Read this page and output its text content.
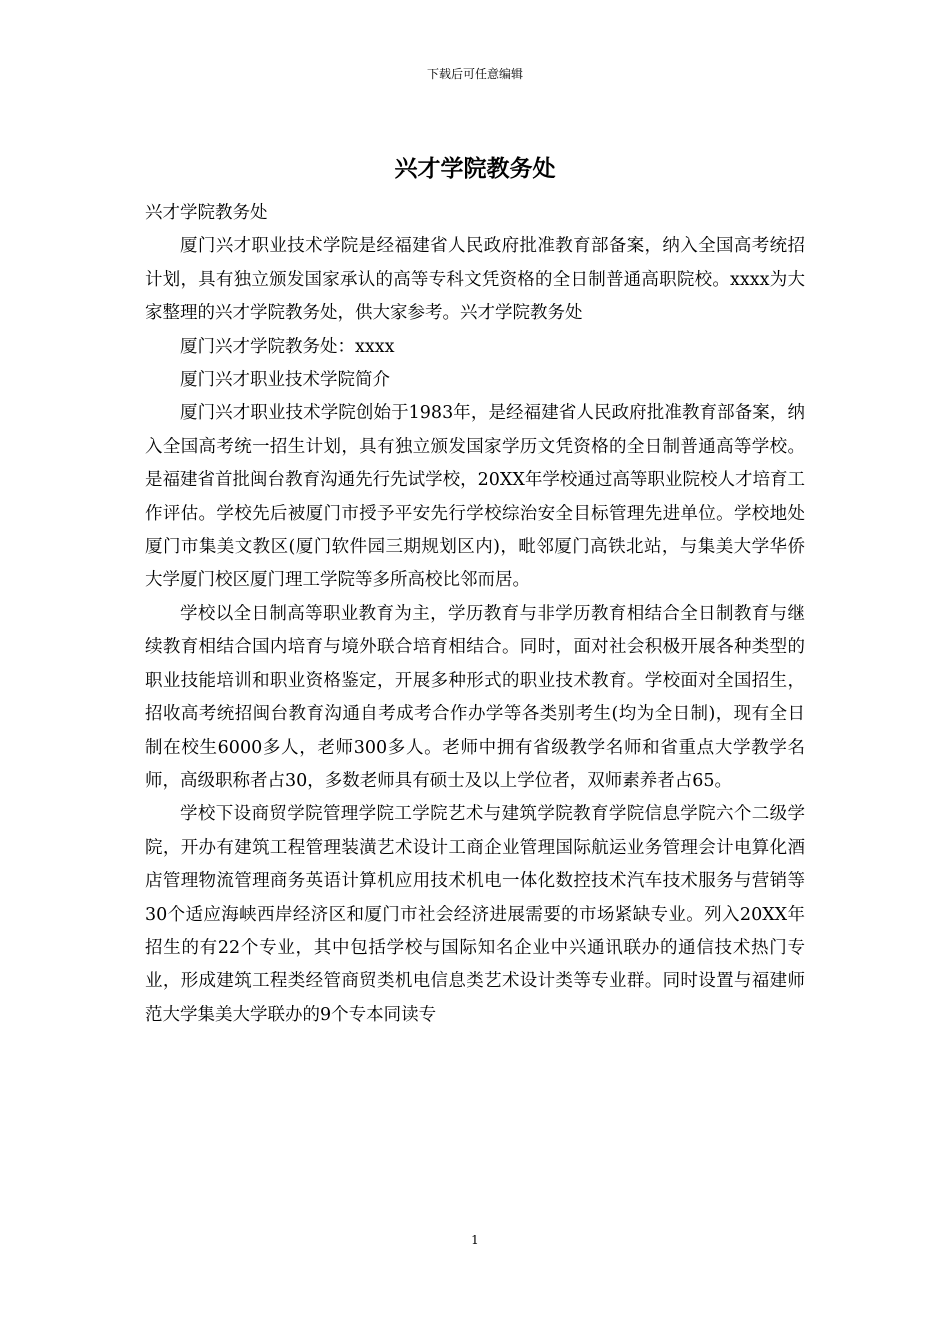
下载后可任意编辑
兴才学院教务处

兴才学院教务处

厦门兴才职业技术学院是经福建省人民政府批准教育部备案，纳入全国高考统招计划，具有独立颁发国家承认的高等专科文凭资格的全日制普通高职院校。xxxx为大家整理的兴才学院教务处，供大家参考。兴才学院教务处

厦门兴才学院教务处：xxxx

厦门兴才职业技术学院简介

厦门兴才职业技术学院创始于1983年，是经福建省人民政府批准教育部备案，纳入全国高考统一招生计划，具有独立颁发国家学历文凭资格的全日制普通高等学校。是福建省首批闽台教育沟通先行先试学校，20XX年学校通过高等职业院校人才培育工作评估。学校先后被厦门市授予平安先行学校综治安全目标管理先进单位。学校地处厦门市集美文教区(厦门软件园三期规划区内)，毗邻厦门高铁北站，与集美大学华侨大学厦门校区厦门理工学院等多所高校比邻而居。

学校以全日制高等职业教育为主，学历教育与非学历教育相结合全日制教育与继续教育相结合国内培育与境外联合培育相结合。同时，面对社会积极开展各种类型的职业技能培训和职业资格鉴定，开展多种形式的职业技术教育。学校面对全国招生，招收高考统招闽台教育沟通自考成考合作办学等各类别考生(均为全日制)，现有全日制在校生6000多人，老师300多人。老师中拥有省级教学名师和省重点大学教学名师，高级职称者占30，多数老师具有硕士及以上学位者，双师素养者占65。

学校下设商贸学院管理学院工学院艺术与建筑学院教育学院信息学院六个二级学院，开办有建筑工程管理装潢艺术设计工商企业管理国际航运业务管理会计电算化酒店管理物流管理商务英语计算机应用技术机电一体化数控技术汽车技术服务与营销等30个适应海峡西岸经济区和厦门市社会经济进展需要的市场紧缺专业。列入20XX年招生的有22个专业，其中包括学校与国际知名企业中兴通讯联办的通信技术热门专业，形成建筑工程类经管商贸类机电信息类艺术设计类等专业群。同时设置与福建师范大学集美大学联办的9个专本同读专

1
